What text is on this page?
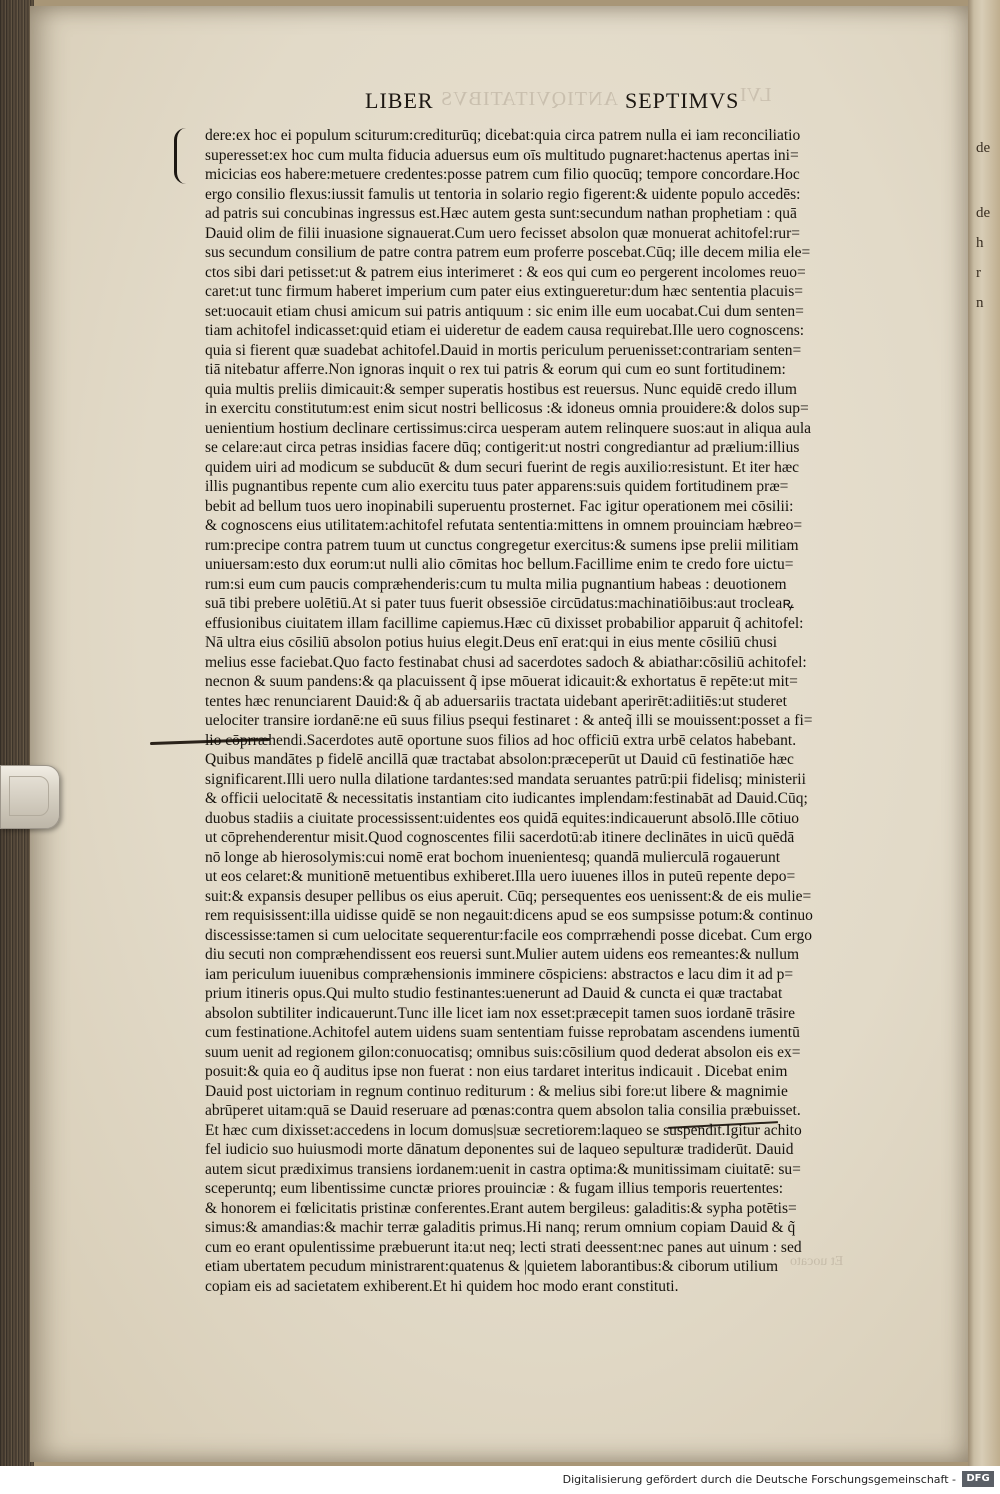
de
de
h
r
n
LIBER ANTIQVITATIBVS SEPTIMVS LVI
dere:ex hoc ei populum sciturum:crediturūq; dicebat:quia circa patrem nulla ei iam reconciliatio
superesset:ex hoc cum multa fiducia aduersus eum oīs multitudo pugnaret:hactenus apertas ini=
micicias eos habere:metuere credentes:posse patrem cum filio quocūq; tempore concordare.Hoc
ergo consilio flexus:iussit famulis ut tentoria in solario regio figerent:& uidente populo accedēs:
ad patris sui concubinas ingressus est.Hæc autem gesta sunt:secundum nathan prophetiam : quā
Dauid olim de filii inuasione signauerat.Cum uero fecisset absolon quæ monuerat achitofel:rur=
sus secundum consilium de patre contra patrem eum proferre poscebat.Cūq; ille decem milia ele=
ctos sibi dari petisset:ut & patrem eius interimeret : & eos qui cum eo pergerent incolomes reuo=
caret:ut tunc firmum haberet imperium cum pater eius extingueretur:dum hæc sententia placuis=
set:uocauit etiam chusi amicum sui patris antiquum : sic enim ille eum uocabat.Cui dum senten=
tiam achitofel indicasset:quid etiam ei uideretur de eadem causa requirebat.Ille uero cognoscens:
quia si fierent quæ suadebat achitofel.Dauid in mortis periculum peruenisset:contrariam senten=
tiā nitebatur afferre.Non ignoras inquit o rex tui patris & eorum qui cum eo sunt fortitudinem:
quia multis preliis dimicauit:& semper superatis hostibus est reuersus. Nunc equidē credo illum
in exercitu constitutum:est enim sicut nostri bellicosus :& idoneus omnia prouidere:& dolos sup=
uenientium hostium declinare certissimus:circa uesperam autem relinquere suos:aut in aliqua aula
se celare:aut circa petras insidias facere dūq; contigerit:ut nostri congrediantur ad prælium:illius
quidem uiri ad modicum se subducūt & dum securi fuerint de regis auxilio:resistunt. Et iter hæc
illis pugnantibus repente cum alio exercitu tuus pater apparens:suis quidem fortitudinem præ=
bebit ad bellum tuos uero inopinabili superuentu prosternet. Fac igitur operationem mei cōsilii:
& cognoscens eius utilitatem:achitofel refutata sententia:mittens in omnem prouinciam hæbreo=
rum:precipe contra patrem tuum ut cunctus congregetur exercitus:& sumens ipse prelii militiam
uniuersam:esto dux eorum:ut nulli alio cōmitas hoc bellum.Facillime enim te credo fore uictu=
rum:si eum cum paucis compræhenderis:cum tu multa milia pugnantium habeas : deuotionem
suā tibi prebere uolētiū.At si pater tuus fuerit obsessiōe circūdatus:machinatiōibus:aut trocleaꝶ
effusionibus ciuitatem illam facillime capiemus.Hæc cū dixisset probabilior apparuit q̃ achitofel:
Nā ultra eius cōsiliū absolon potius huius elegit.Deus enī erat:qui in eius mente cōsiliū chusi
melius esse faciebat.Quo facto festinabat chusi ad sacerdotes sadoch & abiathar:cōsiliū achitofel:
necnon & suum pandens:& qa placuissent q̃ ipse mōuerat idicauit:& exhortatus ē repēte:ut mit=
tentes hæc renunciarent Dauid:& q̃ ab aduersariis tractata uidebant aperirēt:adiitiēs:ut studeret
uelociter transire iordanē:ne eū suus filius psequi festinaret : & anteq̃ illi se mouissent:posset a fi=
lio cōprræhendi.Sacerdotes autē oportune suos filios ad hoc officiū extra urbē celatos habebant.
Quibus mandātes p fidelē ancillā quæ tractabat absolon:præceperūt ut Dauid cū festinatiōe hæc
significarent.Illi uero nulla dilatione tardantes:sed mandata seruantes patrū:pii fidelisq; ministerii
& officii uelocitatē & necessitatis instantiam cito iudicantes implendam:festinabāt ad Dauid.Cūq;
duobus stadiis a ciuitate processissent:uidentes eos quidā equites:indicauerunt absolō.Ille cōtiuo
ut cōprehenderentur misit.Quod cognoscentes filii sacerdotū:ab itinere declinātes in uicū quēdā
nō longe ab hierosolymis:cui nomē erat bochom inuenientesq; quandā mulierculā rogauerunt
ut eos celaret:& munitionē metuentibus exhiberet.Illa uero iuuenes illos in puteū repente depo=
suit:& expansis desuper pellibus os eius aperuit. Cūq; persequentes eos uenissent:& de eis mulie=
rem requisissent:illa uidisse quidē se non negauit:dicens apud se eos sumpsisse potum:& continuo
discessisse:tamen si cum uelocitate sequerentur:facile eos comprræhendi posse dicebat. Cum ergo
diu secuti non compræhendissent eos reuersi sunt.Mulier autem uidens eos remeantes:& nullum
iam periculum iuuenibus compræhensionis imminere cōspiciens: abstractos e lacu dim it ad p=
prium itineris opus.Qui multo studio festinantes:uenerunt ad Dauid & cuncta ei quæ tractabat
absolon subtiliter indicauerunt.Tunc ille licet iam nox esset:præcepit tamen suos iordanē trāsire
cum festinatione.Achitofel autem uidens suam sententiam fuisse reprobatam ascendens iumentū
suum uenit ad regionem gilon:conuocatisq; omnibus suis:cōsilium quod dederat absolon eis ex=
posuit:& quia eo q̃ auditus ipse non fuerat : non eius tardaret interitus indicauit . Dicebat enim
Dauid post uictoriam in regnum continuo rediturum : & melius sibi fore:ut libere & magnimie
abrūperet uitam:quā se Dauid reseruare ad pœnas:contra quem absolon talia consilia præbuisset.
Et hæc cum dixisset:accedens in locum domus|suæ secretiorem:laqueo se suspendit.Igitur achito
fel iudicio suo huiusmodi morte dānatum deponentes sui de laqueo sepulturæ tradiderūt. Dauid
autem sicut prædiximus transiens iordanem:uenit in castra optima:& munitissimam ciuitatē: su=
sceperuntq; eum libentissime cunctæ priores prouinciæ : & fugam illius temporis reuertentes:
& honorem ei fœlicitatis pristinæ conferentes.Erant autem bergileus: galaditis:& sypha potētis=
simus:& amandias:& machir terræ galaditis primus.Hi nanq; rerum omnium copiam Dauid & q̃
cum eo erant opulentissime præbuerunt ita:ut neq; lecti strati deessent:nec panes aut uinum : sed
etiam ubertatem pecudum ministrarent:quatenus & |quietem laborantibus:& ciborum utilium
copiam eis ad sacietatem exhiberent.Et hi quidem hoc modo erant constituti.
Et uocato
Digitalisierung gefördert durch die Deutsche Forschungsgemeinschaft -	DFG
